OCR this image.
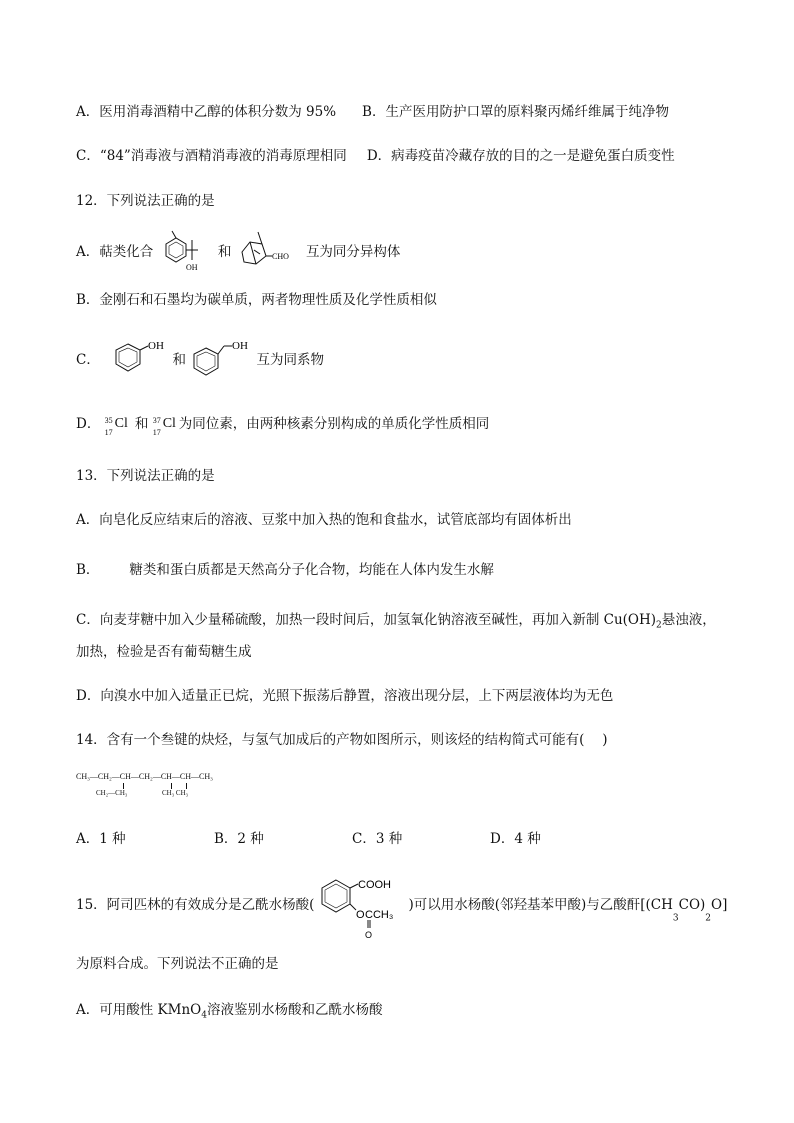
A．医用消毒酒精中乙醇的体积分数为 95% B．生产医用防护口罩的原料聚丙烯纤维属于纯净物
C．“84”消毒液与酒精消毒液的消毒原理相同 D．病毒疫苗冷藏存放的目的之一是避免蛋白质变性
12．下列说法正确的是
A．萜类化合
OH
和	CHO 互为同分异构体
B．金刚石和石墨均为碳单质，两者物理性质及化学性质相似
C．
OH
和
OH
互为同系物
D． 35
17
Cl 和 37
17
Cl 为同位素，由两种核素分别构成的单质化学性质相同
13．下列说法正确的是
A．向皂化反应结束后的溶液、豆浆中加入热的饱和食盐水，试管底部均有固体析出
B． 糖类和蛋白质都是天然高分子化合物，均能在人体内发生水解
C．向麦芽糖中加入少量稀硫酸，加热一段时间后，加氢氧化钠溶液至碱性，再加入新制 $Cu(OH)_2$悬浊液，
加热，检验是否有葡萄糖生成
D．向溴水中加入适量正已烷，光照下振荡后静置，溶液出现分层，上下两层液体均为无色
14．含有一个叁键的炔烃，与氢气加成后的产物如图所示，则该烃的结构简式可能有(　 )
CH₃—CH₂—CH—CH₂—CH—CH—CH₃
CH₂—CH₃	CH₃ CH₃
A．1 种	B．2 种	C．3 种	D．4 种
15．阿司匹林的有效成分是乙酰水杨酸(
COOH
O CCH₃
O
)可以用水杨酸(邻羟基苯甲酸)与乙酸酐$[(CH_3CO)_2O]$
为原料合成。下列说法不正确的是
A．可用酸性 KMnO$_4$溶液鉴别水杨酸和乙酰水杨酸
